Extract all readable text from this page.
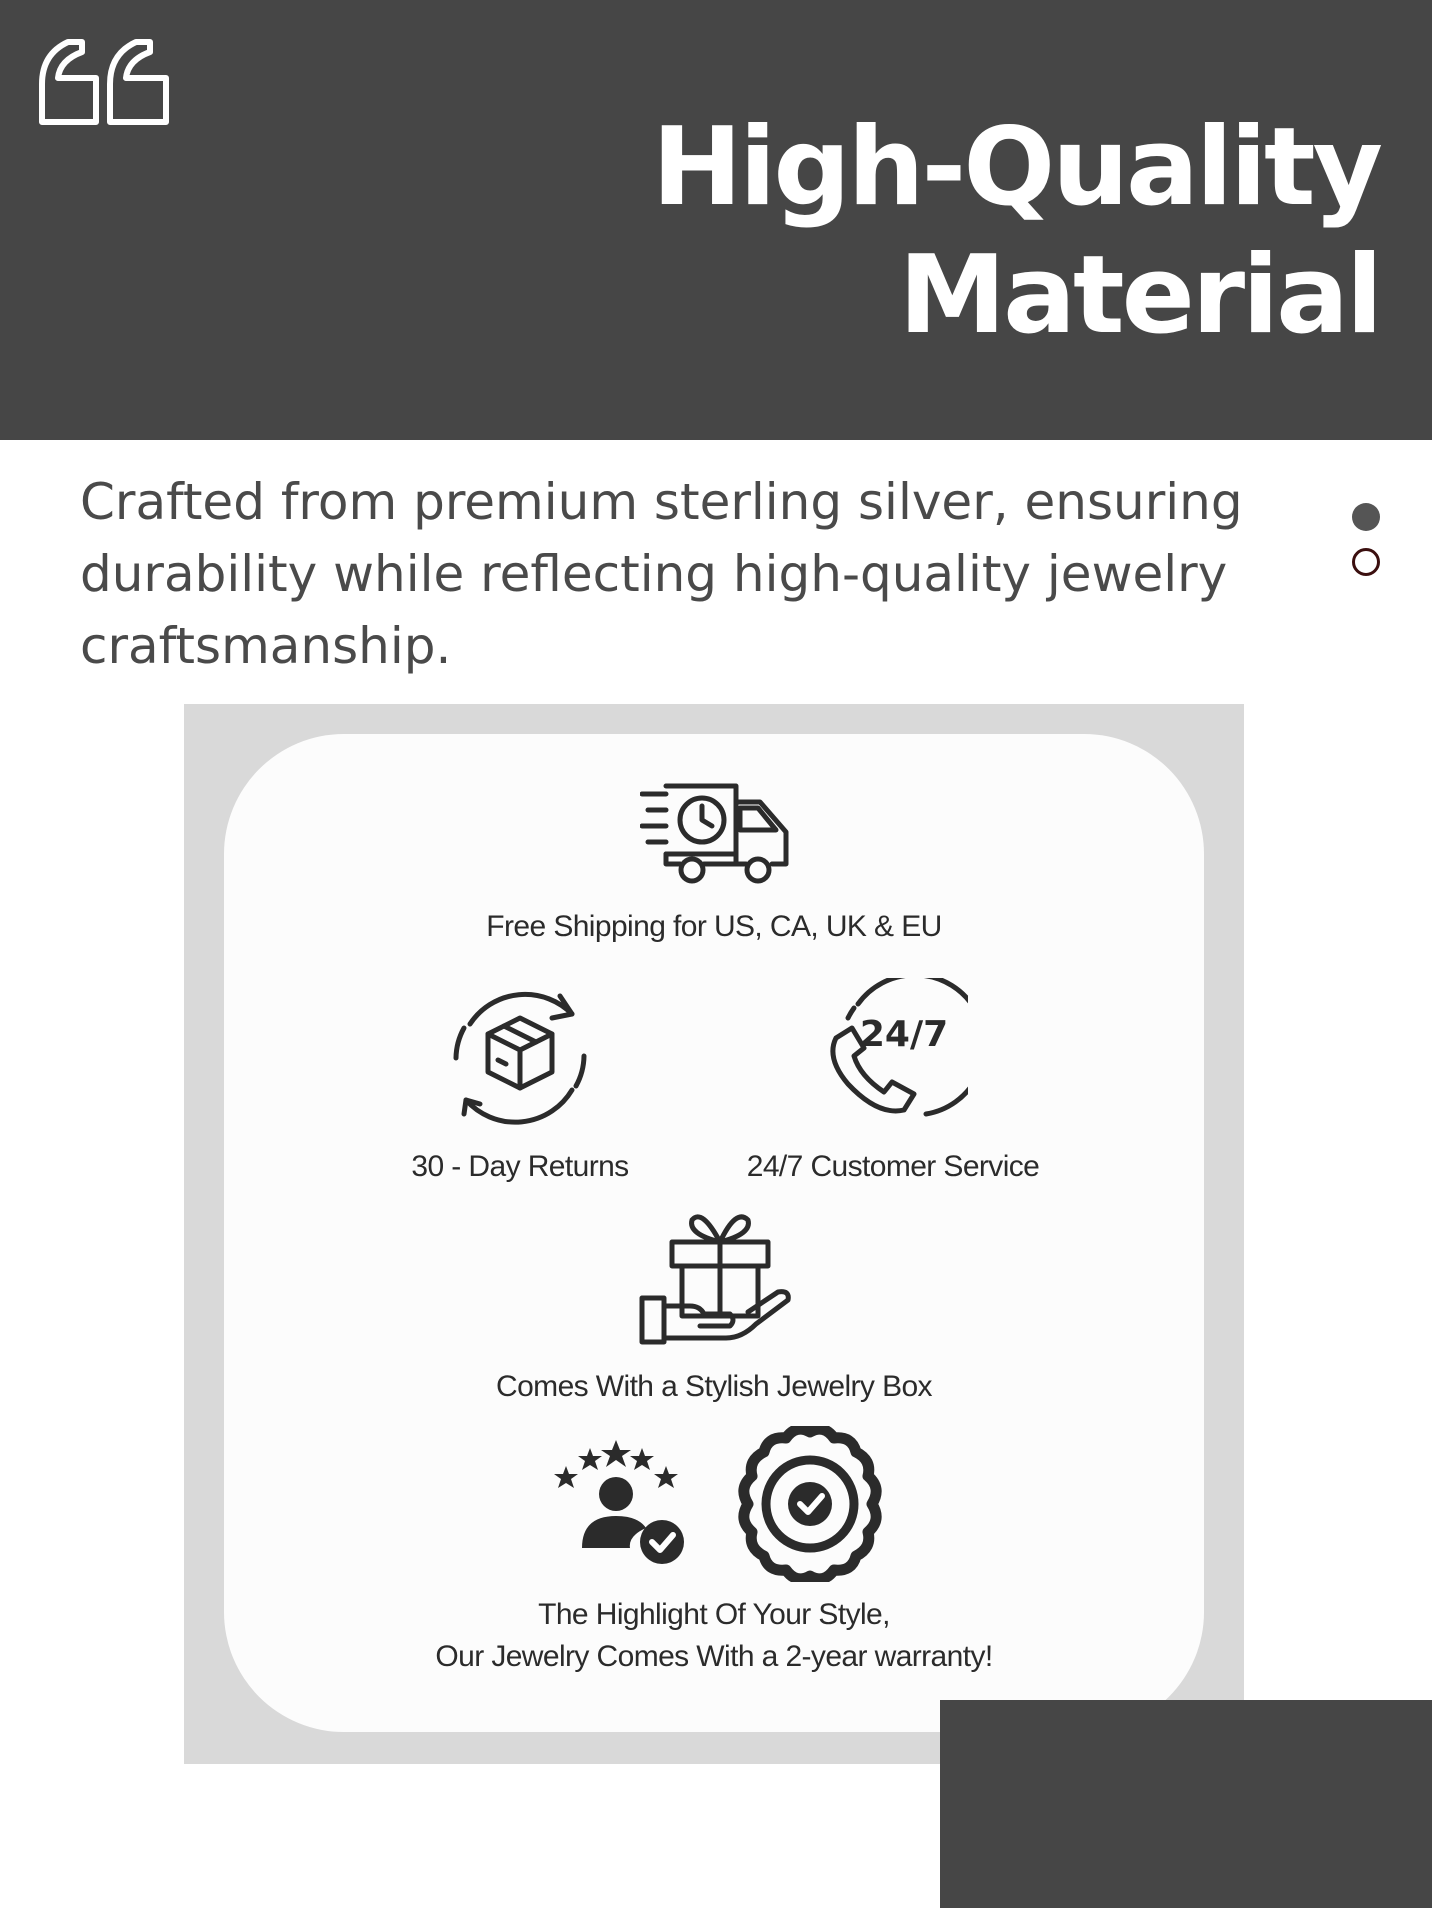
High-Quality
Material

Crafted from premium sterling silver, ensuring durability while reflecting high-quality jewelry craftsmanship.

Free Shipping for US, CA, UK & EU
30 - Day Returns
24/7
24/7 Customer Service
Comes With a Stylish Jewelry Box
The Highlight Of Your Style,
Our Jewelry Comes With a 2-year warranty!
